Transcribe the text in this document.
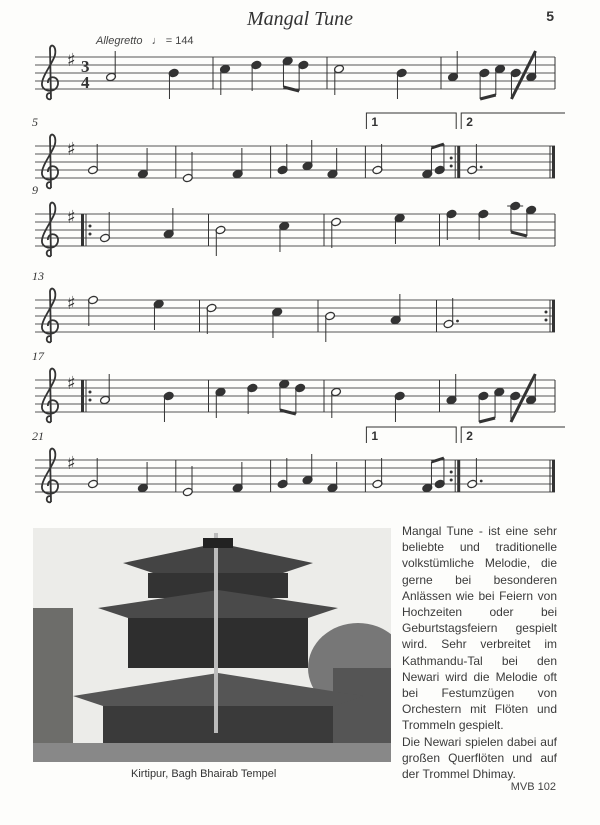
Mangal Tune	5
Allegretto ♩ = 144
♯ 3
4
♯
5	1	2
♯
9
♯
13
♯
17
♯
21	1	2
Kirtipur, Bagh Bhairab Tempel

Mangal Tune - ist eine sehr beliebte und traditionelle volkstümliche Melodie, die gerne bei besonderen Anlässen wie bei Feiern von Hochzeiten oder bei Geburtstagsfeiern gespielt wird. Sehr verbreitet im Kathmandu-Tal bei den Newari wird die Melodie oft bei Festumzügen von Orchestern mit Flöten und Trommeln gespielt.

Die Newari spielen dabei auf großen Querflöten und auf der Trommel Dhimay.

MVB 102
